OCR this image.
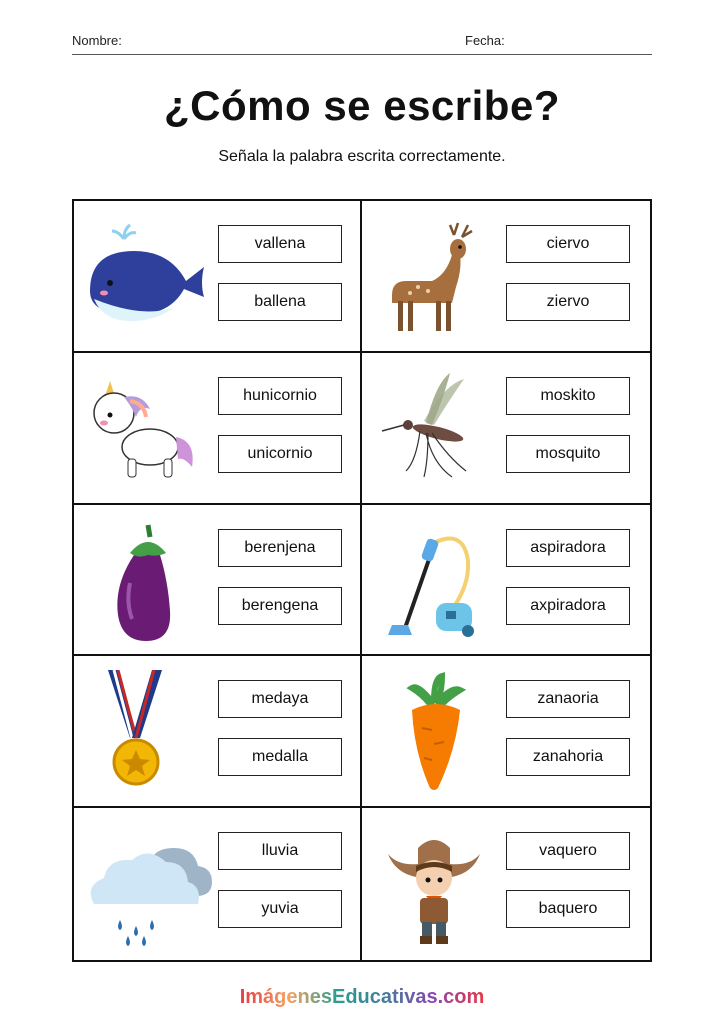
Nombre:	Fecha:
¿Cómo se escribe?
Señala la palabra escrita correctamente.
vallena
ballena
ciervo
ziervo
hunicornio
unicornio
moskito
mosquito
berenjena
berengena
aspiradora
axpiradora
medaya
medalla
zanaoria
zanahoria
lluvia
yuvia
vaquero
baquero
ImágenesEducativas.com
